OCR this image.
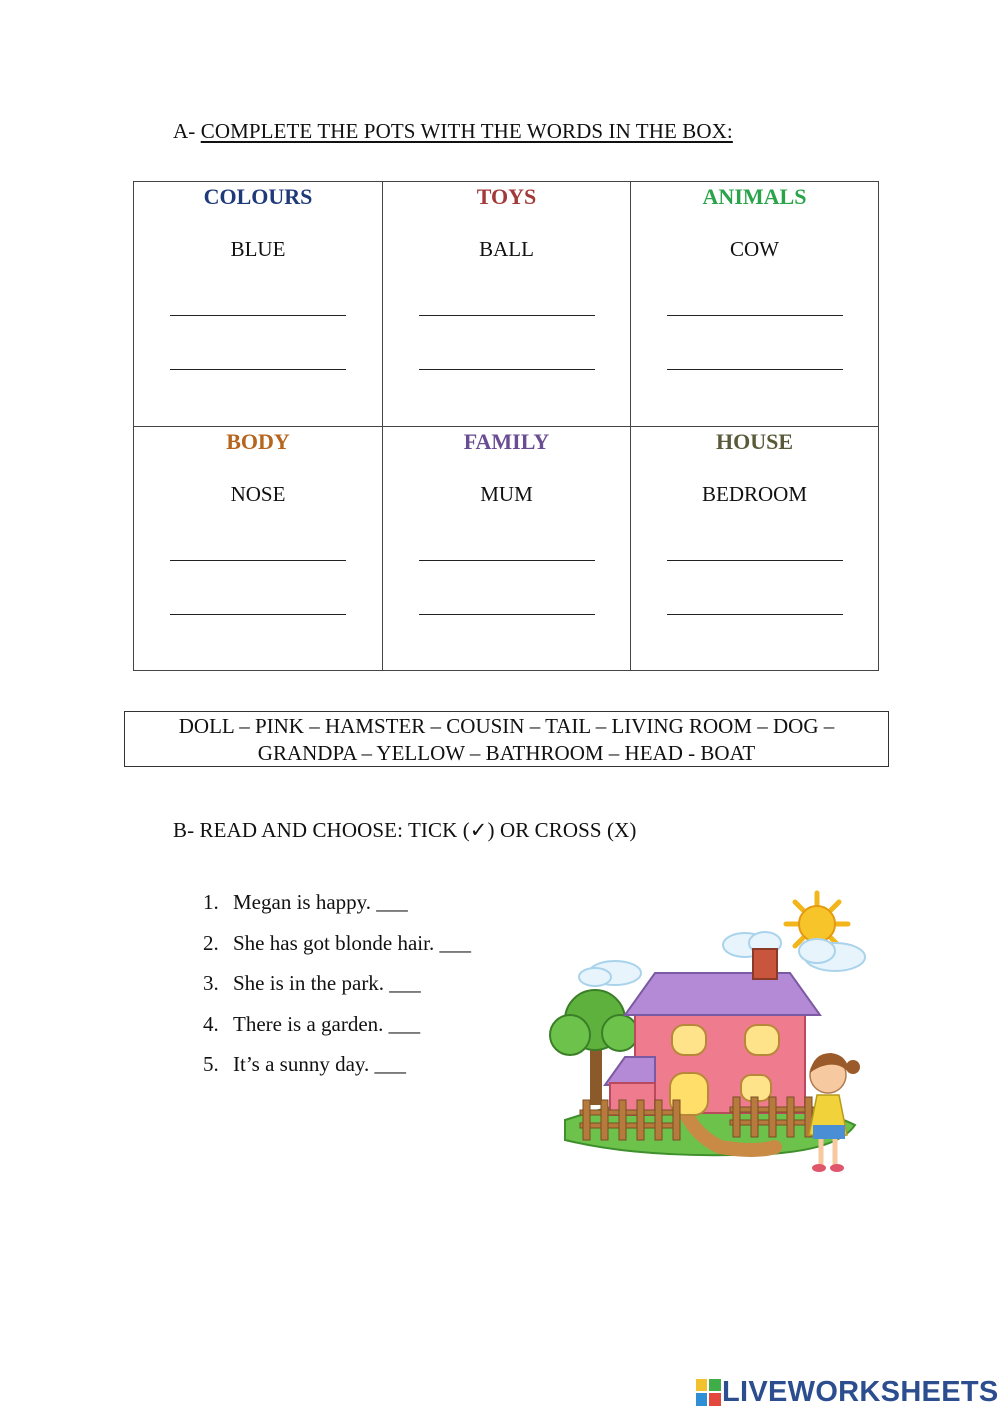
A- COMPLETE THE POTS WITH THE WORDS IN THE BOX:
COLOURS
BLUE
TOYS
BALL
ANIMALS
COW
BODY
NOSE
FAMILY
MUM
HOUSE
BEDROOM
DOLL – PINK – HAMSTER – COUSIN – TAIL – LIVING ROOM – DOG –
GRANDPA – YELLOW – BATHROOM – HEAD - BOAT
B- READ AND CHOOSE: TICK (✓) OR CROSS (X)
1. Megan is happy. ___
2. She has got blonde hair. ___
3. She is in the park. ___
4. There is a garden. ___
5. It’s a sunny day. ___
LIVEWORKSHEETS
